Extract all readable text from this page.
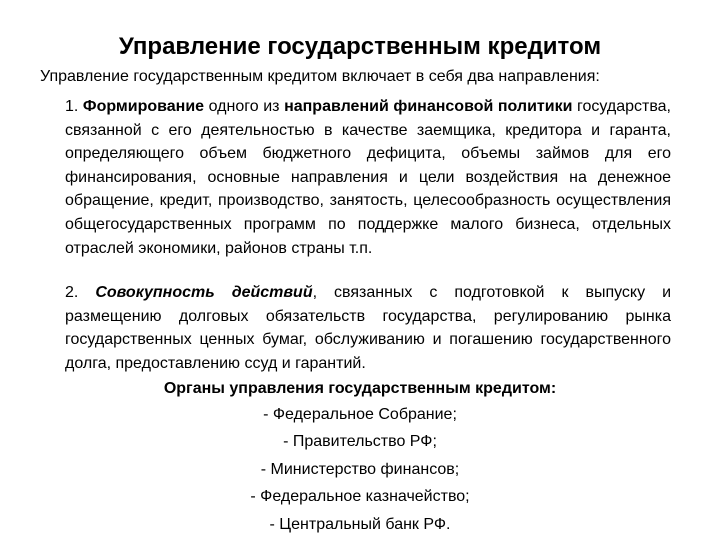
Управление государственным кредитом

Управление государственным кредитом включает в себя два направления:

1. Формирование одного из направлений финансовой политики государства, связанной с его деятельностью в качестве заемщика, кредитора и гаранта, определяющего объем бюджетного дефицита, объемы займов для его финансирования, основные направления и цели воздействия на денежное обращение, кредит, производство, занятость, целесообразность осуществления общегосударственных программ по поддержке малого бизнеса, отдельных отраслей экономики, районов страны т.п.

2. Совокупность действий, связанных с подготовкой к выпуску и размещению долговых обязательств государства, регулированию рынка государственных ценных бумаг, обслуживанию и погашению государственного долга, предоставлению ссуд и гарантий.

Органы управления государственным кредитом:

- Федеральное Собрание;
- Правительство РФ;
- Министерство финансов;
- Федеральное казначейство;
- Центральный банк РФ.
